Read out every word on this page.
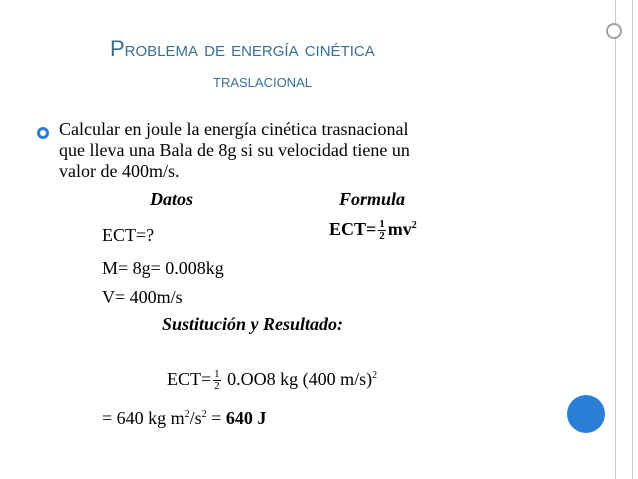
Problema de energía cinética
traslacional
Calcular en joule la energía cinética trasnacional
que lleva una Bala de 8g si su velocidad tiene un
valor de 400m/s.
Datos	Formula
ECT=?	$ECT= \frac{1}{2} mv^2$
M= 8g= 0.008kg
V= 400m/s
Sustitución y Resultado:
$ECT= \frac{1}{2} 0.OO8$ kg (400 m/s)$^2$
= 640 kg $m^2/s^2 = 640$ J
